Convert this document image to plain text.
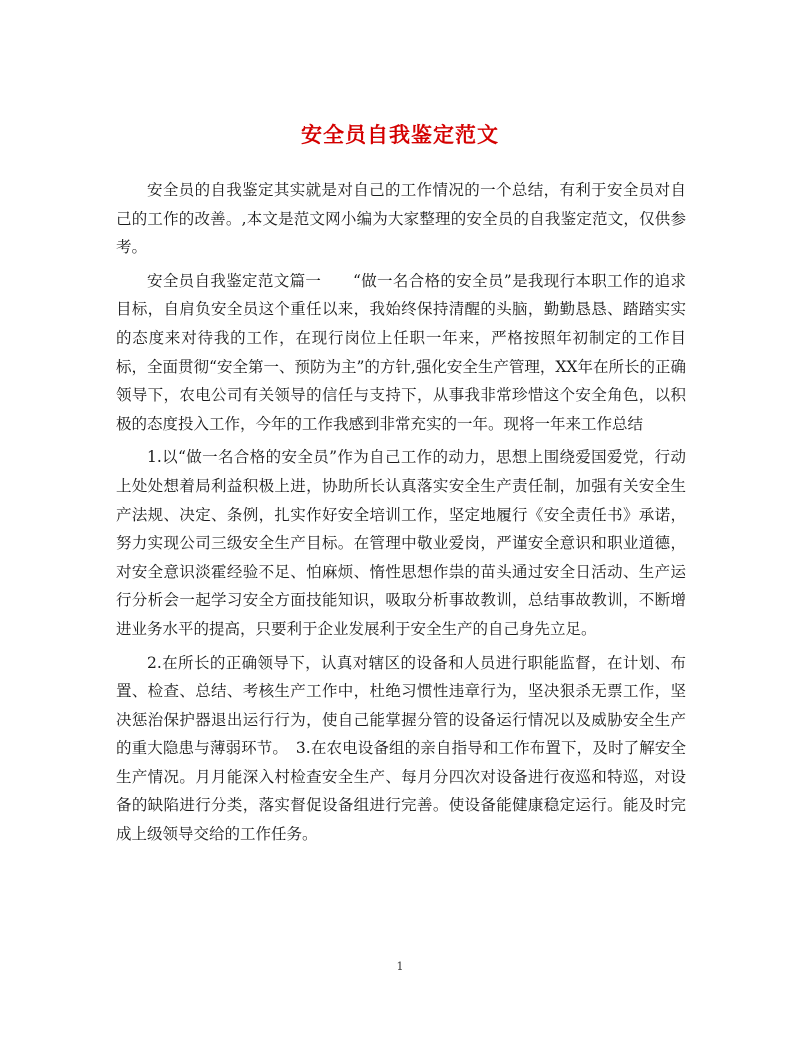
安全员自我鉴定范文

安全员的自我鉴定其实就是对自己的工作情况的一个总结，有利于安全员对自己的工作的改善。,本文是范文网小编为大家整理的安全员的自我鉴定范文，仅供参考。

安全员自我鉴定范文篇一　　“做一名合格的安全员”是我现行本职工作的追求目标，自肩负安全员这个重任以来，我始终保持清醒的头脑，勤勤恳恳、踏踏实实的态度来对待我的工作，在现行岗位上任职一年来，严格按照年初制定的工作目标，全面贯彻“安全第一、预防为主”的方针,强化安全生产管理，XX年在所长的正确领导下，农电公司有关领导的信任与支持下，从事我非常珍惜这个安全角色，以积极的态度投入工作，今年的工作我感到非常充实的一年。现将一年来工作总结

1.以“做一名合格的安全员”作为自己工作的动力，思想上围绕爱国爱党，行动上处处想着局利益积极上进，协助所长认真落实安全生产责任制，加强有关安全生产法规、决定、条例，扎实作好安全培训工作，坚定地履行《安全责任书》承诺，努力实现公司三级安全生产目标。在管理中敬业爱岗，严谨安全意识和职业道德，对安全意识淡霍经验不足、怕麻烦、惰性思想作祟的苗头通过安全日活动、生产运行分析会一起学习安全方面技能知识，吸取分析事故教训，总结事故教训，不断增进业务水平的提高，只要利于企业发展利于安全生产的自己身先立足。

2.在所长的正确领导下，认真对辖区的设备和人员进行职能监督，在计划、布置、检查、总结、考核生产工作中，杜绝习惯性违章行为，坚决狠杀无票工作，坚决惩治保护器退出运行行为，使自己能掌握分管的设备运行情况以及威胁安全生产的重大隐患与薄弱环节。　3.在农电设备组的亲自指导和工作布置下，及时了解安全生产情况。月月能深入村检查安全生产、每月分四次对设备进行夜巡和特巡，对设备的缺陷进行分类，落实督促设备组进行完善。使设备能健康稳定运行。能及时完成上级领导交给的工作任务。

1
